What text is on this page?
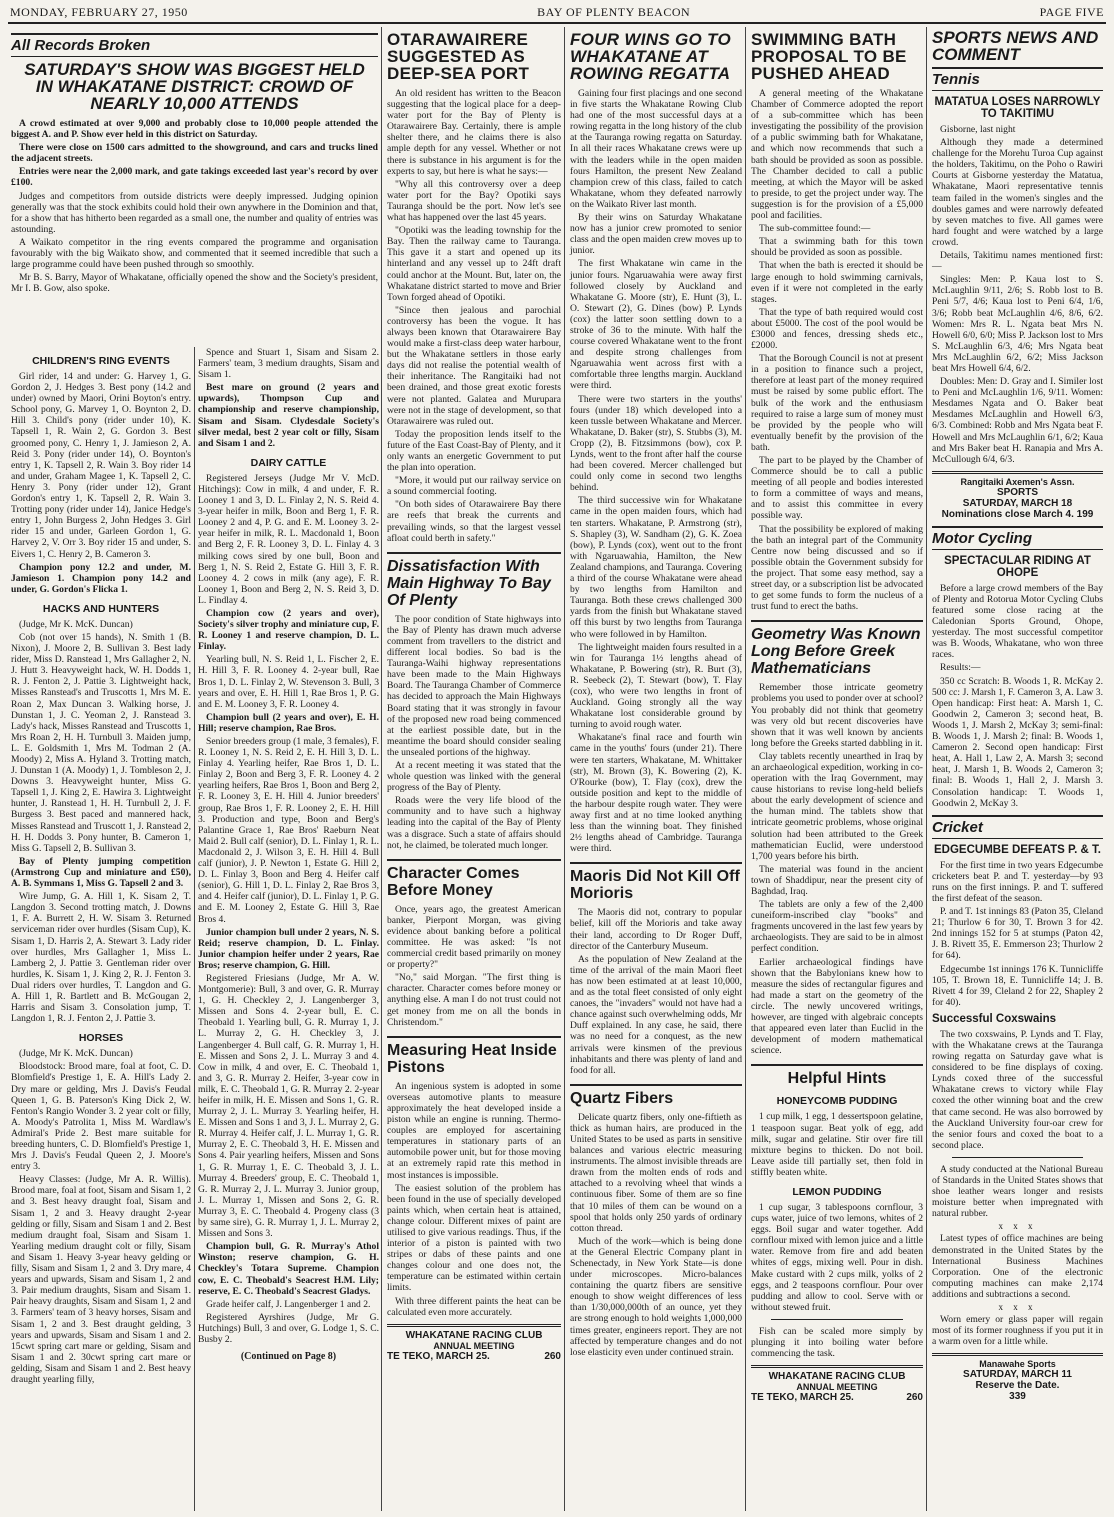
MONDAY, FEBRUARY 27, 1950	BAY OF PLENTY BEACON	PAGE FIVE
All Records Broken
SATURDAY'S SHOW WAS BIGGEST HELD IN WHAKATANE DISTRICT: CROWD OF NEARLY 10,000 ATTENDS

A crowd estimated at over 9,000 and probably close to 10,000 people attended the biggest A. and P. Show ever held in this district on Saturday.

There were close on 1500 cars admitted to the showground, and cars and trucks lined the adjacent streets.

Entries were near the 2,000 mark, and gate takings exceeded last year's record by over £100.

Judges and competitors from outside districts were deeply impressed. Judging opinion generally was that the stock exhibits could hold their own anywhere in the Dominion and that, for a show that has hitherto been regarded as a small one, the number and quality of entries was astounding.

A Waikato competitor in the ring events compared the programme and organisation favourably with the big Waikato show, and commented that it seemed incredible that such a large programme could have been pushed through so smoothly.

Mr B. S. Barry, Mayor of Whakatane, officially opened the show and the Society's president, Mr I. B. Gow, also spoke.

CHILDREN'S RING EVENTS

Girl rider, 14 and under: G. Harvey 1, G. Gordon 2, J. Hedges 3. Best pony (14.2 and under) owned by Maori, Orini Boyton's entry. School pony, G. Marvey 1, O. Boynton 2, D. Hill 3. Child's pony (rider under 10), K. Tapsell 1, R. Wain 2, G. Gordon 3. Best groomed pony, C. Henry 1, J. Jamieson 2, A. Reid 3. Pony (rider under 14), O. Boynton's entry 1, K. Tapsell 2, R. Wain 3. Boy rider 14 and under, Graham Magee 1, K. Tapsell 2, C. Henry 3. Pony (rider under 12), Grant Gordon's entry 1, K. Tapsell 2, R. Wain 3. Trotting pony (rider under 14), Janice Hedge's entry 1, John Burgess 2, John Hedges 3. Girl rider 15 and under, Garleen Gordon 1, G. Harvey 2, V. Orr 3. Boy rider 15 and under, S. Eivers 1, C. Henry 2, B. Cameron 3.

Champion pony 12.2 and under, M. Jamieson 1. Champion pony 14.2 and under, G. Gordon's Flicka 1.

HACKS AND HUNTERS

(Judge, Mr K. McK. Duncan)

Cob (not over 15 hands), N. Smith 1 (B. Nixon), J. Moore 2, B. Sullivan 3. Best lady rider, Miss D. Ranstead 1, Mrs Gallagher 2, N. J. Hutt 3. Heavyweight hack, W. H. Dodds 1, R. J. Fenton 2, J. Pattie 3. Lightweight hack, Misses Ranstead's and Truscotts 1, Mrs M. E. Roan 2, Max Duncan 3. Walking horse, J. Dunstan 1, J. C. Yeoman 2, J. Ranstead 3. Lady's hack, Misses Ranstead and Truscotts 1, Mrs Roan 2, H. H. Turnbull 3. Maiden jump, L. E. Goldsmith 1, Mrs M. Todman 2 (A. Moody) 2, Miss A. Hyland 3. Trotting match, J. Dunstan 1 (A. Moody) 1, J. Tombleson 2, J. Downs 3. Heavyweight hunter, Miss G. Tapsell 1, J. King 2, E. Hawira 3. Lightweight hunter, J. Ranstead 1, H. H. Turnbull 2, J. F. Burgess 3. Best paced and mannered hack, Misses Ranstead and Truscott 1, J. Ranstead 2, H. H. Dodds 3. Pony hunter, B. Cameron 1, Miss G. Tapsell 2, B. Sullivan 3.

Bay of Plenty jumping competition (Armstrong Cup and miniature and £50), A. B. Symmans 1, Miss G. Tapsell 2 and 3.

Wire Jump, G. A. Hill 1, K. Sisam 2, T. Langdon 3. Second trotting match, J. Downs 1, F. A. Burrett 2, H. W. Sisam 3. Returned serviceman rider over hurdles (Sisam Cup), K. Sisam 1, D. Harris 2, A. Stewart 3. Lady rider over hurdles, Mrs Gallagher 1, Miss L. Lamberg 2, J. Pattie 3. Gentleman rider over hurdles, K. Sisam 1, J. King 2, R. J. Fenton 3. Dual riders over hurdles, T. Langdon and G. A. Hill 1, R. Bartlett and B. McGougan 2, Harris and Sisam 3. Consolation jump, T. Langdon 1, R. J. Fenton 2, J. Pattie 3.

HORSES

(Judge, Mr K. McK. Duncan)

Bloodstock: Brood mare, foal at foot, C. D. Blomfield's Prestige 1, E. A. Hill's Lady 2. Dry mare or gelding, Mrs J. Davis's Feudal Queen 1, G. B. Paterson's King Dick 2, W. Fenton's Rangio Wonder 3. 2 year colt or filly, A. Moody's Patrolita 1, Miss M. Wardlaw's Admiral's Pride 2. Best mare suitable for breeding hunters, C. D. Blomfield's Prestige 1, Mrs J. Davis's Feudal Queen 2, J. Moore's entry 3.

Heavy Classes: (Judge, Mr A. R. Willis). Brood mare, foal at foot, Sisam and Sisam 1, 2 and 3. Best heavy draught foal, Sisam and Sisam 1, 2 and 3. Heavy draught 2-year gelding or filly, Sisam and Sisam 1 and 2. Best medium draught foal, Sisam and Sisam 1. Yearling medium draught colt or filly, Sisam and Sisam 1. Heavy 3-year heavy gelding or filly, Sisam and Sisam 1, 2 and 3. Dry mare, 4 years and upwards, Sisam and Sisam 1, 2 and 3. Pair medium draughts, Sisam and Sisam 1. Pair heavy draughts, Sisam and Sisam 1, 2 and 3. Farmers' team of 3 heavy horses, Sisam and Sisam 1, 2 and 3. Best draught gelding, 3 years and upwards, Sisam and Sisam 1 and 2. 15cwt spring cart mare or gelding, Sisam and Sisam 1 and 2. 30cwt spring cart mare or gelding, Sisam and Sisam 1 and 2. Best heavy draught yearling filly,

Spence and Stuart 1, Sisam and Sisam 2. Farmers' team, 3 medium draughts, Sisam and Sisam 1.

Best mare on ground (2 years and upwards), Thompson Cup and championship and reserve championship, Sisam and Sisam. Clydesdale Society's silver medal, best 2 year colt or filly, Sisam and Sisam 1 and 2.

DAIRY CATTLE

Registered Jerseys (Judge Mr V. McD. Hitchings): Cow in milk, 4 and under, F. R. Looney 1 and 3, D. L. Finlay 2, N. S. Reid 4. 3-year heifer in milk, Boon and Berg 1, F. R. Looney 2 and 4, P. G. and E. M. Looney 3. 2-year heifer in milk, R. L. Macdonald 1, Boon and Berg 2, F. R. Looney 3, D. L. Finlay 4. 3 milking cows sired by one bull, Boon and Berg 1, N. S. Reid 2, Estate G. Hill 3, F. R. Looney 4. 2 cows in milk (any age), F. R. Looney 1, Boon and Berg 2, N. S. Reid 3, D. L. Findlay 4.

Champion cow (2 years and over), Society's silver trophy and miniature cup, F. R. Looney 1 and reserve champion, D. L. Finlay.

Yearling bull, N. S. Reid 1, L. Fischer 2, E. H. Hill 3, F. R. Looney 4. 2-year bull, Rae Bros 1, D. L. Finlay 2, W. Stevenson 3. Bull, 3 years and over, E. H. Hill 1, Rae Bros 1, P. G. and E. M. Looney 3, F. R. Looney 4.

Champion bull (2 years and over), E. H. Hill; reserve champion, Rae Bros.

Senior breeders group (1 male, 3 females), F. R. Looney 1, N. S. Reid 2, E. H. Hill 3, D. L. Finlay 4. Yearling heifer, Rae Bros 1, D. L. Finlay 2, Boon and Berg 3, F. R. Looney 4. 2 yearling heifers, Rae Bros 1, Boon and Berg 2, F. R. Looney 3, E. H. Hill 4. Junior breeders' group, Rae Bros 1, F. R. Looney 2, E. H. Hill 3. Production and type, Boon and Berg's Palantine Grace 1, Rae Bros' Raeburn Neat Maid 2. Bull calf (senior), D. L. Finlay 1, R. L. Macdonald 2, J. Wilson 3, E. H. Hill 4. Bull calf (junior), J. P. Newton 1, Estate G. Hill 2, D. L. Finlay 3, Boon and Berg 4. Heifer calf (senior), G. Hill 1, D. L. Finlay 2, Rae Bros 3, and 4. Heifer calf (junior), D. L. Finlay 1, P. G. and E. M. Looney 2, Estate G. Hill 3, Rae Bros 4.

Junior champion bull under 2 years, N. S. Reid; reserve champion, D. L. Finlay. Junior champion heifer under 2 years, Rae Bros; reserve champion, G. Hill.

Registered Friesians (Judge, Mr A. W. Montgomerie): Bull, 3 and over, G. R. Murray 1, G. H. Checkley 2, J. Langenberger 3, Missen and Sons 4. 2-year bull, E. C. Theobald 1. Yearling bull, G. R. Murray 1, J. L. Murray 2, G. H. Checkley 3, J. Langenberger 4. Bull calf, G. R. Murray 1, H. E. Missen and Sons 2, J. L. Murray 3 and 4. Cow in milk, 4 and over, E. C. Theobald 1, and 3, G. R. Murray 2. Heifer, 3-year cow in milk, E. C. Theobald 1, G. R. Murray 2. 2-year heifer in milk, H. E. Missen and Sons 1, G. R. Murray 2, J. L. Murray 3. Yearling heifer, H. E. Missen and Sons 1 and 3, J. L. Murray 2, G. R. Murray 4. Heifer calf, J. L. Murray 1, G. R. Murray 2, E. C. Theobald 3, H. E. Missen and Sons 4. Pair yearling heifers, Missen and Sons 1, G. R. Murray 1, E. C. Theobald 3, J. L. Murray 4. Breeders' group, E. C. Theobald 1, G. R. Murray 2, J. L. Murray 3. Junior group, J. L. Murray 1, Missen and Sons 2, G. R. Murray 3, E. C. Theobald 4. Progeny class (3 by same sire), G. R. Murray 1, J. L. Murray 2, Missen and Sons 3.

Champion bull, G. R. Murray's Athol Winston; reserve champion, G. H. Checkley's Totara Supreme. Champion cow, E. C. Theobald's Seacrest H.M. Lily; reserve, E. C. Theobald's Seacrest Gladys.

Grade heifer calf, J. Langenberger 1 and 2.

Registered Ayrshires (Judge, Mr G. Hutchings) Bull, 3 and over, G. Lodge 1, S. C. Busby 2.

(Continued on Page 8)
OTARAWAIRERE SUGGESTED AS DEEP-SEA PORT

An old resident has written to the Beacon suggesting that the logical place for a deep-water port for the Bay of Plenty is Otarawairere Bay. Certainly, there is ample shelter there, and he claims there is also ample depth for any vessel. Whether or not there is substance in his argument is for the experts to say, but here is what he says:—

"Why all this controversy over a deep water port for the Bay? Opotiki says Tauranga should be the port. Now let's see what has happened over the last 45 years.

"Opotiki was the leading township for the Bay. Then the railway came to Tauranga. This gave it a start and opened up its hinterland and any vessel up to 24ft draft could anchor at the Mount. But, later on, the Whakatane district started to move and Brier Town forged ahead of Opotiki.

"Since then jealous and parochial controversy has been the vogue. It has always been known that Otarawairere Bay would make a first-class deep water harbour, but the Whakatane settlers in those early days did not realise the potential wealth of their inheritance. The Rangitaiki had not been drained, and those great exotic forests were not planted. Galatea and Murupara were not in the stage of development, so that Otarawairere was ruled out.

Today the proposition lends itself to the future of the East Coast-Bay of Plenty, and it only wants an energetic Government to put the plan into operation.

"More, it would put our railway service on a sound commercial footing.

"On both sides of Otarawairere Bay there are reefs that break the currents and prevailing winds, so that the largest vessel afloat could berth in safety."

Dissatisfaction With Main Highway To Bay Of Plenty

The poor condition of State highways into the Bay of Plenty has drawn much adverse comment from travellers to the district and different local bodies. So bad is the Tauranga-Waihi highway representations have been made to the Main Highways Board. The Tauranga Chamber of Commerce has decided to approach the Main Highways Board stating that it was strongly in favour of the proposed new road being commenced at the earliest possible date, but in the meantime the board should consider sealing the unsealed portions of the highway.

At a recent meeting it was stated that the whole question was linked with the general progress of the Bay of Plenty.

Roads were the very life blood of the community and to have such a highway leading into the capital of the Bay of Plenty was a disgrace. Such a state of affairs should not, he claimed, be tolerated much longer.

Character Comes Before Money

Once, years ago, the greatest American banker, Pierpont Morgan, was giving evidence about banking before a political committee. He was asked: "Is not commercial credit based primarily on money or property?"

"No," said Morgan. "The first thing is character. Character comes before money or anything else. A man I do not trust could not get money from me on all the bonds in Christendom."

Measuring Heat Inside Pistons

An ingenious system is adopted in some overseas automotive plants to measure approximately the heat developed inside a piston while an engine is running. Thermo-couples are employed for ascertaining temperatures in stationary parts of an automobile power unit, but for those moving at an extremely rapid rate this method in most instances is impossible.

The easiest solution of the problem has been found in the use of specially developed paints which, when certain heat is attained, change colour. Different mixes of paint are utilised to give various readings. Thus, if the interior of a piston is painted with two stripes or dabs of these paints and one changes colour and one does not, the temperature can be estimated within certain limits.

With three different paints the heat can be calculated even more accurately.

WHAKATANE RACING CLUB
ANNUAL MEETING
TE TEKO, MARCH 25.	260
FOUR WINS GO TO WHAKATANE AT ROWING REGATTA

Gaining four first placings and one second in five starts the Whakatane Rowing Club had one of the most successful days at a rowing regatta in the long history of the club at the Tauranga rowing regatta on Saturday. In all their races Whakatane crews were up with the leaders while in the open maiden fours Hamilton, the present New Zealand champion crew of this class, failed to catch Whakatane, whom they defeated narrowly on the Waikato River last month.

By their wins on Saturday Whakatane now has a junior crew promoted to senior class and the open maiden crew moves up to junior.

The first Whakatane win came in the junior fours. Ngaruawahia were away first followed closely by Auckland and Whakatane G. Moore (str), E. Hunt (3), L. O. Stewart (2), G. Dines (bow) P. Lynds (cox) the latter soon settling down to a stroke of 36 to the minute. With half the course covered Whakatane went to the front and despite strong challenges from Ngaruawahia went across first with a comfortable three lengths margin. Auckland were third.

There were two starters in the youths' fours (under 18) which developed into a keen tussle between Whakatane and Mercer. Whakatane, D. Baker (str), S. Stubbs (3), M. Cropp (2), B. Fitzsimmons (bow), cox P. Lynds, went to the front after half the course had been covered. Mercer challenged but could only come in second two lengths behind.

The third successive win for Whakatane came in the open maiden fours, which had ten starters. Whakatane, P. Armstrong (str), S. Shapley (3), W. Sandham (2), G. K. Zoea (bow), P. Lynds (cox), went out to the front with Ngaruawahia, Hamilton, the New Zealand champions, and Tauranga. Covering a third of the course Whakatane were ahead by two lengths from Hamilton and Tauranga. Both these crews challenged 300 yards from the finish but Whakatane staved off this burst by two lengths from Tauranga who were followed in by Hamilton.

The lightweight maiden fours resulted in a win for Tauranga 1½ lengths ahead of Whakatane, P. Bowering (str), R. Burt (3), R. Seebeck (2), T. Stewart (bow), T. Flay (cox), who were two lengths in front of Auckland. Going strongly all the way Whakatane lost considerable ground by turning to avoid rough water.

Whakatane's final race and fourth win came in the youths' fours (under 21). There were ten starters, Whakatane, M. Whittaker (str), M. Brown (3), K. Bowering (2), K. O'Rourke (bow), T. Flay (cox), drew the outside position and kept to the middle of the harbour despite rough water. They were away first and at no time looked anything less than the winning boat. They finished 2½ lengths ahead of Cambridge. Tauranga were third.

Maoris Did Not Kill Off Morioris

The Maoris did not, contrary to popular belief, kill off the Morioris and take away their land, according to Dr Roger Duff, director of the Canterbury Museum.

As the population of New Zealand at the time of the arrival of the main Maori fleet has now been estimated at at least 10,000, and as the total fleet consisted of only eight canoes, the "invaders" would not have had a chance against such overwhelming odds, Mr Duff explained. In any case, he said, there was no need for a conquest, as the new arrivals were kinsmen of the previous inhabitants and there was plenty of land and food for all.

Quartz Fibers

Delicate quartz fibers, only one-fiftieth as thick as human hairs, are produced in the United States to be used as parts in sensitive balances and various electric measuring instruments. The almost invisible threads are drawn from the molten ends of rods and attached to a revolving wheel that winds a continuous fiber. Some of them are so fine that 10 miles of them can be wound on a spool that holds only 250 yards of ordinary cotton thread.

Much of the work—which is being done at the General Electric Company plant in Schenectady, in New York State—is done under microscopes. Micro-balances containing the quartz fibers are sensitive enough to show weight differences of less than 1/30,000,000th of an ounce, yet they are strong enough to hold weights 1,000,000 times greater, engineers report. They are not affected by temperature changes and do not lose elasticity even under continued strain.

SWIMMING BATH PROPOSAL TO BE PUSHED AHEAD

A general meeting of the Whakatane Chamber of Commerce adopted the report of a sub-committee which has been investigating the possibility of the provision of a public swimming bath for Whakatane, and which now recommends that such a bath should be provided as soon as possible. The Chamber decided to call a public meeting, at which the Mayor will be asked to preside, to get the project under way. The suggestion is for the provision of a £5,000 pool and facilities.

The sub-committee found:—

That a swimming bath for this town should be provided as soon as possible.

That when the bath is erected it should be large enough to hold swimming carnivals, even if it were not completed in the early stages.

That the type of bath required would cost about £5000. The cost of the pool would be £3000 and fences, dressing sheds etc., £2000.

That the Borough Council is not at present in a position to finance such a project, therefore at least part of the money required must be raised by some public effort. The bulk of the work and the enthusiasm required to raise a large sum of money must be provided by the people who will eventually benefit by the provision of the bath.

The part to be played by the Chamber of Commerce should be to call a public meeting of all people and bodies interested to form a committee of ways and means, and to assist this committee in every possible way.

That the possibility be explored of making the bath an integral part of the Community Centre now being discussed and so if possible obtain the Government subsidy for the project. That some easy method, say a street day, or a subscription list be advocated to get some funds to form the nucleus of a trust fund to erect the baths.

Geometry Was Known Long Before Greek Mathematicians

Remember those intricate geometry problems you used to ponder over at school? You probably did not think that geometry was very old but recent discoveries have shown that it was well known by ancients long before the Greeks started dabbling in it.

Clay tablets recently unearthed in Iraq by an archaeological expedition, working in co-operation with the Iraq Government, may cause historians to revise long-held beliefs about the early development of science and the human mind. The tablets show that intricate geometric problems, whose original solution had been attributed to the Greek mathematician Euclid, were understood 1,700 years before his birth.

The material was found in the ancient town of Shaddipur, near the present city of Baghdad, Iraq.

The tablets are only a few of the 2,400 cuneiform-inscribed clay "books" and fragments uncovered in the last few years by archaeologists. They are said to be in almost perfect condition.

Earlier archaeological findings have shown that the Babylonians knew how to measure the sides of rectangular figures and had made a start on the geometry of the circle. The newly uncovered writings, however, are tinged with algebraic concepts that appeared even later than Euclid in the development of modern mathematical science.

Helpful Hints
HONEYCOMB PUDDING

1 cup milk, 1 egg, 1 dessertspoon gelatine, 1 teaspoon sugar. Beat yolk of egg, add milk, sugar and gelatine. Stir over fire till mixture begins to thicken. Do not boil. Leave aside till partially set, then fold in stiffly beaten white.

LEMON PUDDING

1 cup sugar, 3 tablespoons cornflour, 3 cups water, juice of two lemons, whites of 2 eggs. Boil sugar and water together. Add cornflour mixed with lemon juice and a little water. Remove from fire and add beaten whites of eggs, mixing well. Pour in dish. Make custard with 2 cups milk, yolks of 2 eggs, and 2 teaspoons cornflour. Pour over pudding and allow to cool. Serve with or without stewed fruit.

Fish can be scaled more simply by plunging it into boiling water before commencing the task.

WHAKATANE RACING CLUB
ANNUAL MEETING
TE TEKO, MARCH 25.	260
SPORTS NEWS AND COMMENT
Tennis
MATATUA LOSES NARROWLY TO TAKITIMU

Gisborne, last night

Although they made a determined challenge for the Morehu Turoa Cup against the holders, Takitimu, on the Poho o Rawiri Courts at Gisborne yesterday the Matatua, Whakatane, Maori representative tennis team failed in the women's singles and the doubles games and were narrowly defeated by seven matches to five. All games were hard fought and were watched by a large crowd.

Details, Takitimu names mentioned first:—

Singles: Men: P. Kaua lost to S. McLaughlin 9/11, 2/6; S. Robb lost to B. Peni 5/7, 4/6; Kaua lost to Peni 6/4, 1/6, 3/6; Robb beat McLaughlin 4/6, 8/6, 6/2. Women: Mrs R. L. Ngata beat Mrs N. Howell 6/0, 6/0; Miss P. Jackson lost to Mrs S. McLaughlin 6/3, 4/6; Mrs Ngata beat Mrs McLaughlin 6/2, 6/2; Miss Jackson beat Mrs Howell 6/4, 6/2.

Doubles: Men: D. Gray and I. Similer lost to Peni and McLaughlin 1/6, 9/11. Women: Mesdames Ngata and O. Baker beat Mesdames McLaughlin and Howell 6/3, 6/3. Combined: Robb and Mrs Ngata beat F. Howell and Mrs McLaughlin 6/1, 6/2; Kaua and Mrs Baker beat H. Ranapia and Mrs A. McCullough 6/4, 6/3.

Rangitaiki Axemen's Assn.
SPORTS
SATURDAY, MARCH 18
Nominations close March 4. 199
Motor Cycling
SPECTACULAR RIDING AT OHOPE

Before a large crowd members of the Bay of Plenty and Rotorua Motor Cycling Clubs featured some close racing at the Caledonian Sports Ground, Ohope, yesterday. The most successful competitor was B. Woods, Whakatane, who won three races.

Results:—

350 cc Scratch: B. Woods 1, R. McKay 2. 500 cc: J. Marsh 1, F. Cameron 3, A. Law 3. Open handicap: First heat: A. Marsh 1, C. Goodwin 2, Cameron 3; second heat, B. Woods 1, J. Marsh 2, McKay 3; semi-final: B. Woods 1, J. Marsh 2; final: B. Woods 1, Cameron 2. Second open handicap: First heat, A. Hall 1, Law 2, A. Marsh 3; second heat, J. Marsh 1, B. Woods 2, Cameron 3; final: B. Woods 1, Hall 2, J. Marsh 3. Consolation handicap: T. Woods 1, Goodwin 2, McKay 3.

Cricket
EDGECUMBE DEFEATS P. & T.

For the first time in two years Edgecumbe cricketers beat P. and T. yesterday—by 93 runs on the first innings. P. and T. suffered the first defeat of the season.

P. and T. 1st innings 83 (Paton 35, Cleland 21; Thurlow 6 for 30, T. Brown 3 for 42. 2nd innings 152 for 5 at stumps (Paton 42, J. B. Rivett 35, E. Emmerson 23; Thurlow 2 for 64).

Edgecumbe 1st innings 176 K. Tunnicliffe 105, T. Brown 18, E. Tunnicliffe 14; J. B. Rivett 4 for 39, Cleland 2 for 22, Shapley 2 for 40).

Successful Coxswains

The two coxswains, P. Lynds and T. Flay, with the Whakatane crews at the Tauranga rowing regatta on Saturday gave what is considered to be fine displays of coxing. Lynds coxed three of the successful Whakatane crews to victory while Flay coxed the other winning boat and the crew that came second. He was also borrowed by the Auckland University four-oar crew for the senior fours and coxed the boat to a second place.

A study conducted at the National Bureau of Standards in the United States shows that shoe leather wears longer and resists moisture better when impregnated with natural rubber.

x x x

Latest types of office machines are being demonstrated in the United States by the International Business Machines Corporation. One of the electronic computing machines can make 2,174 additions and subtractions a second.

x x x

Worn emery or glass paper will regain most of its former roughness if you put it in a warm oven for a little while.

Manawahe Sports
SATURDAY, MARCH 11
Reserve the Date.
339
